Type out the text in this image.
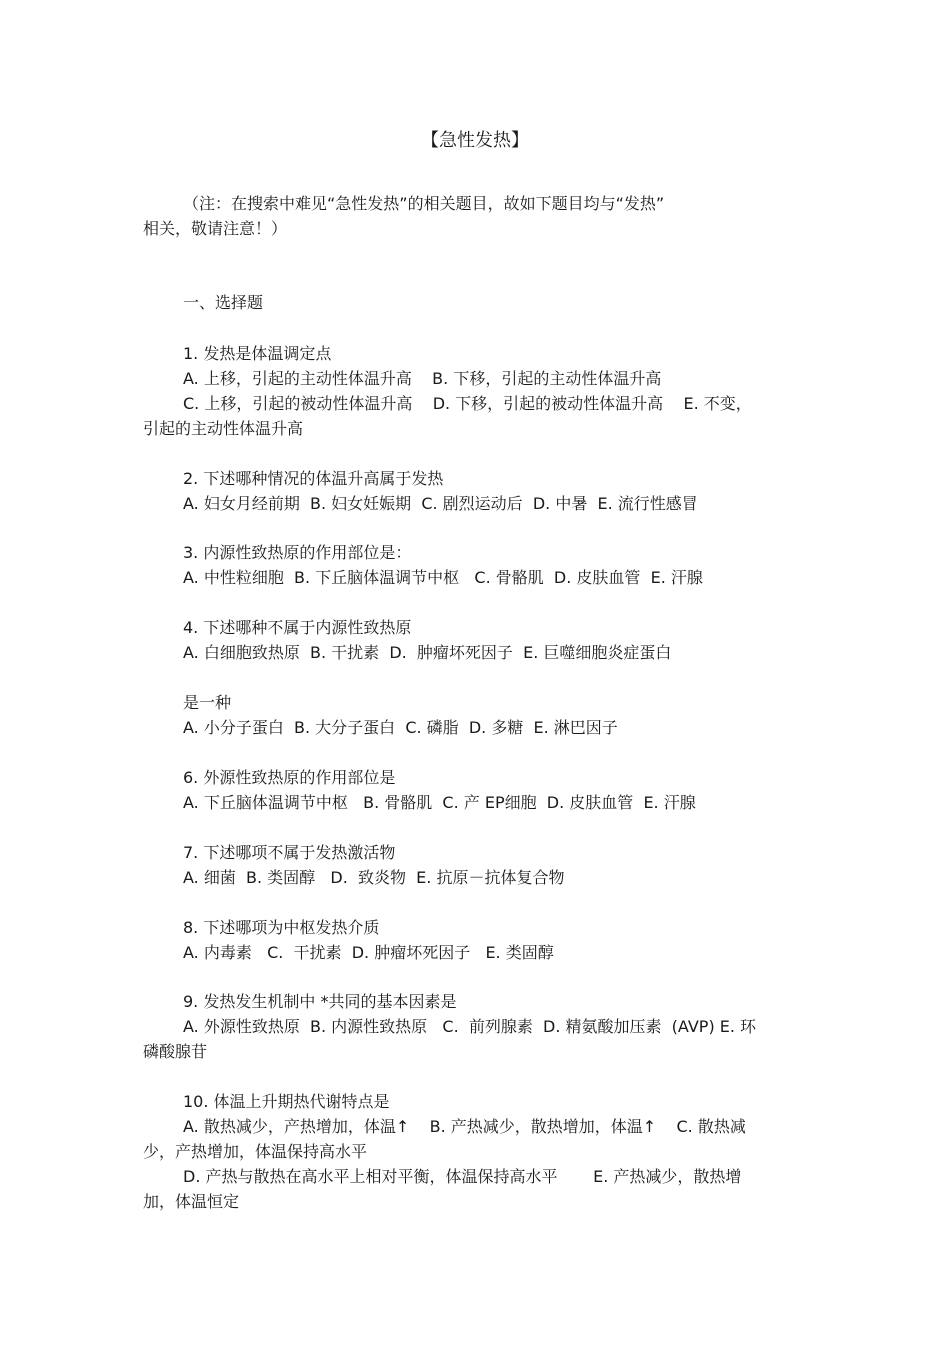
【急性发热】
（注：在搜索中难见“急性发热”的相关题目，故如下题目均与“发热”
相关，敬请注意！）
一、选择题
1. 发热是体温调定点
A. 上移，引起的主动性体温升高    B. 下移，引起的主动性体温升高
C. 上移，引起的被动性体温升高    D. 下移，引起的被动性体温升高    E. 不变，
引起的主动性体温升高
2. 下述哪种情况的体温升高属于发热
A. 妇女月经前期  B. 妇女妊娠期  C. 剧烈运动后  D. 中暑  E. 流行性感冒
3. 内源性致热原的作用部位是：
A. 中性粒细胞  B. 下丘脑体温调节中枢   C. 骨骼肌  D. 皮肤血管  E. 汗腺
4. 下述哪种不属于内源性致热原
A. 白细胞致热原  B. 干扰素  D.  肿瘤坏死因子  E. 巨噬细胞炎症蛋白
是一种
A. 小分子蛋白  B. 大分子蛋白  C. 磷脂  D. 多糖  E. 淋巴因子
6. 外源性致热原的作用部位是
A. 下丘脑体温调节中枢   B. 骨骼肌  C. 产 EP细胞  D. 皮肤血管  E. 汗腺
7. 下述哪项不属于发热激活物
A. 细菌  B. 类固醇   D.  致炎物  E. 抗原－抗体复合物
8. 下述哪项为中枢发热介质
A. 内毒素   C.  干扰素  D. 肿瘤坏死因子   E. 类固醇
9. 发热发生机制中 *共同的基本因素是
A. 外源性致热原  B. 内源性致热原   C.  前列腺素  D. 精氨酸加压素  (AVP) E. 环
磷酸腺苷
10. 体温上升期热代谢特点是
A. 散热减少，产热增加，体温↑    B. 产热减少，散热增加，体温↑    C. 散热减
少，产热增加，体温保持高水平
D. 产热与散热在高水平上相对平衡，体温保持高水平       E. 产热减少，散热增
加，体温恒定
